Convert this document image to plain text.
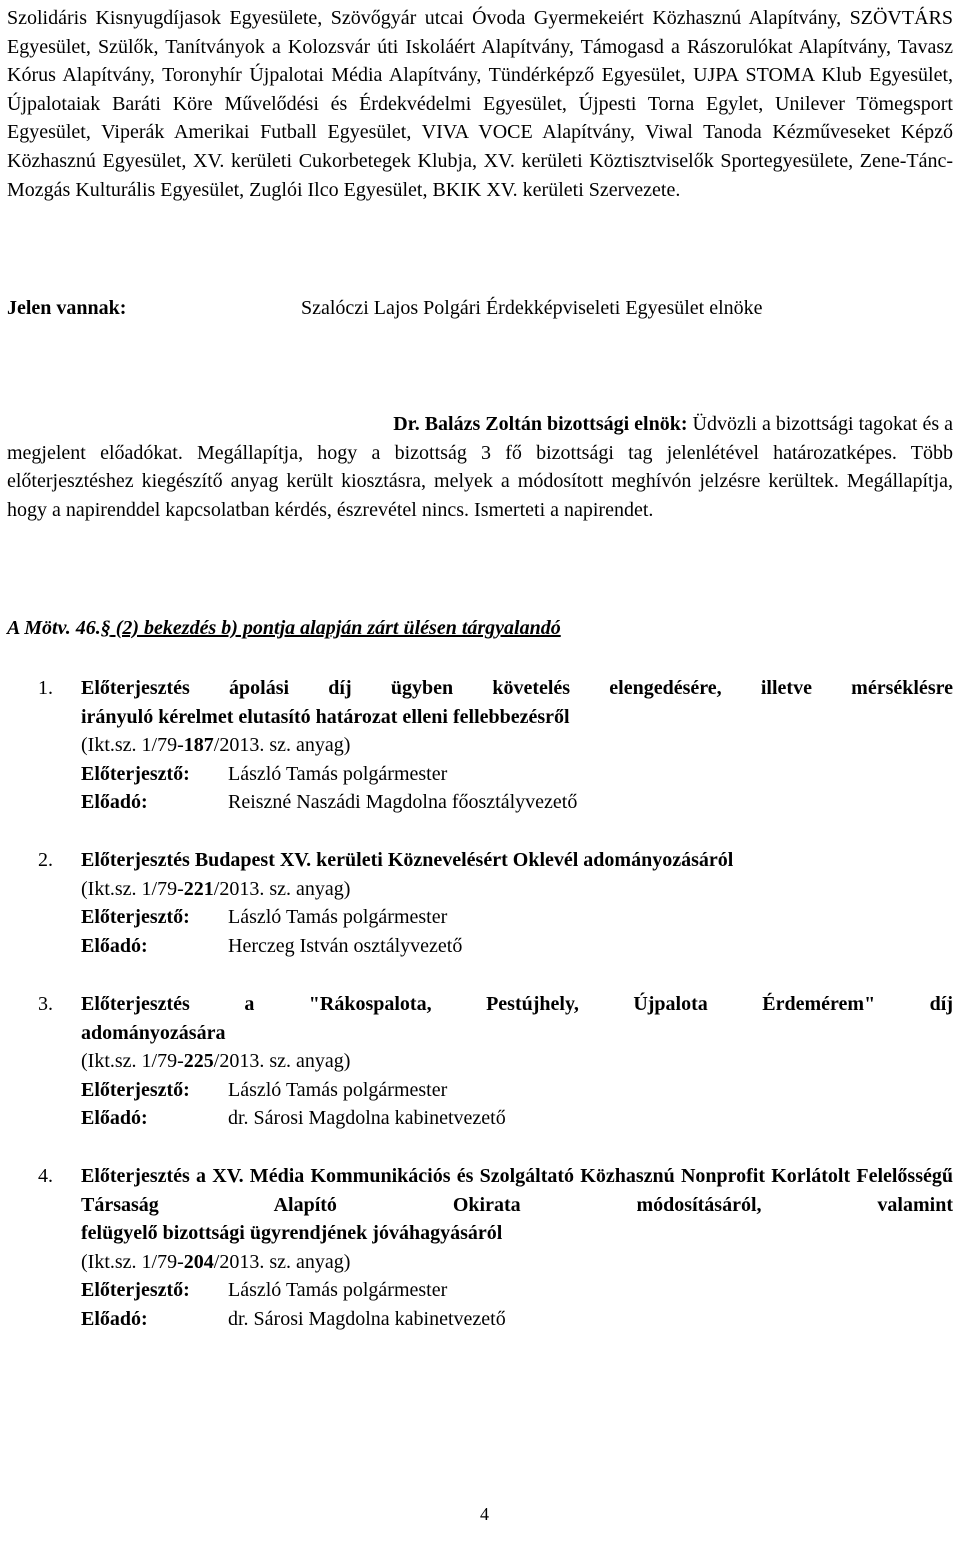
Szolidáris Kisnyugdíjasok Egyesülete, Szövőgyár utcai Óvoda Gyermekeiért Közhasznú Alapítvány, SZÖVTÁRS Egyesület, Szülők, Tanítványok a Kolozsvár úti Iskoláért Alapítvány, Támogasd a Rászorulókat Alapítvány, Tavasz Kórus Alapítvány, Toronyhír Újpalotai Média Alapítvány, Tündérképző Egyesület, UJPA STOMA Klub Egyesület, Újpalotaiak Baráti Köre Művelődési és Érdekvédelmi Egyesület, Újpesti Torna Egylet, Unilever Tömegsport Egyesület, Viperák Amerikai Futball Egyesület, VIVA VOCE Alapítvány, Viwal Tanoda Kézműveseket Képző Közhasznú Egyesület, XV. kerületi Cukorbetegek Klubja, XV. kerületi Köztisztviselők Sportegyesülete, Zene-Tánc-Mozgás Kulturális Egyesület, Zuglói Ilco Egyesület, BKIK XV. kerületi Szervezete.

Jelen vannak:	Szalóczi Lajos Polgári Érdekképviseleti Egyesület elnöke
Dr. Balázs Zoltán bizottsági elnök: Üdvözli a bizottsági tagokat és a
megjelent előadókat. Megállapítja, hogy a bizottság 3 fő bizottsági tag jelenlétével határozatképes. Több előterjesztéshez kiegészítő anyag került kiosztásra, melyek a módosított meghívón jelzésre kerültek. Megállapítja, hogy a napirenddel kapcsolatban kérdés, észrevétel nincs. Ismerteti a napirendet.
A Mötv. 46.§ (2) bekezdés b) pontja alapján zárt ülésen tárgyalandó
1. Előterjesztés ápolási díj ügyben követelés elengedésére, illetve mérséklésre
irányuló kérelmet elutasító határozat elleni fellebbezésről
(Ikt.sz. 1/79-187/2013. sz. anyag)
Előterjesztő: László Tamás polgármester
Előadó:	Reiszné Naszádi Magdolna főosztályvezető
2. Előterjesztés Budapest XV. kerületi Köznevelésért Oklevél adományozásáról
(Ikt.sz. 1/79-221/2013. sz. anyag)
Előterjesztő: László Tamás polgármester
Előadó:	Herczeg István osztályvezető
3. Előterjesztés a "Rákospalota, Pestújhely, Újpalota Érdemérem" díj
adományozására
(Ikt.sz. 1/79-225/2013. sz. anyag)
Előterjesztő: László Tamás polgármester
Előadó:	dr. Sárosi Magdolna kabinetvezető
4. Előterjesztés a XV. Média Kommunikációs és Szolgáltató Közhasznú Nonprofit Korlátolt Felelősségű Társaság Alapító Okirata módosításáról, valamint
felügyelő bizottsági ügyrendjének jóváhagyásáról
(Ikt.sz. 1/79-204/2013. sz. anyag)
Előterjesztő: László Tamás polgármester
Előadó:	dr. Sárosi Magdolna kabinetvezető
4
